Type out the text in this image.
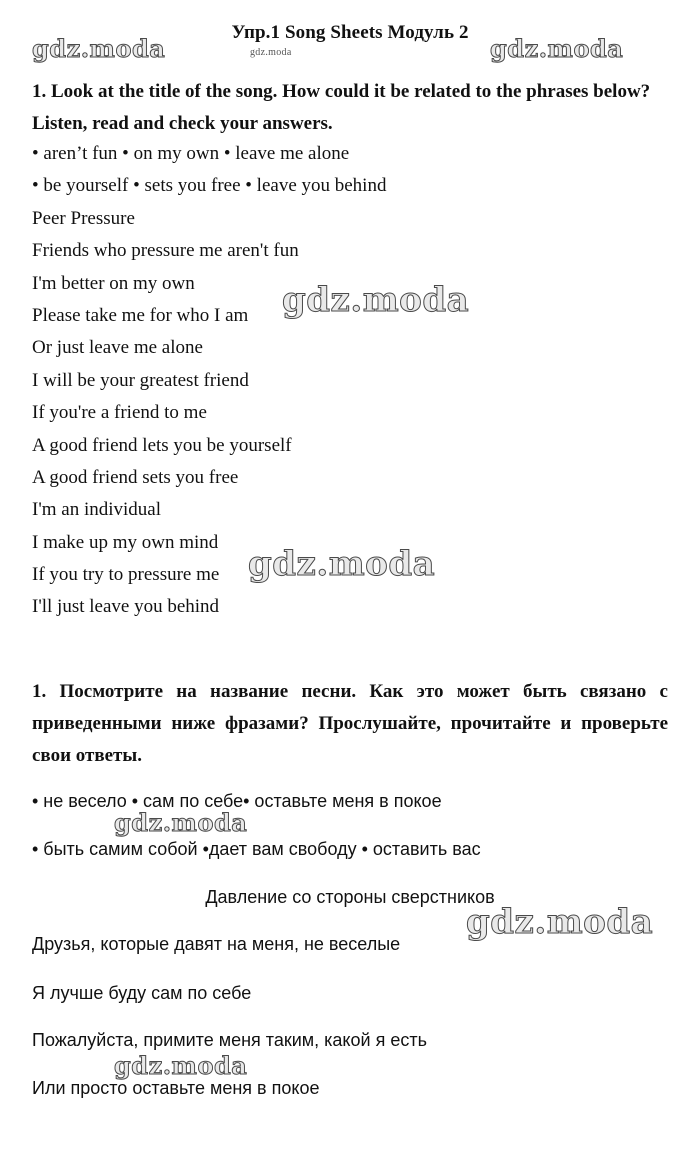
gdz.moda
Упр.1 Song Sheets Модуль 2
gdz.moda	gdz.moda
1. Look at the title of the song. How could it be related to the phrases below? Listen, read and check your answers.
• aren’t fun • on my own • leave me alone
• be yourself • sets you free • leave you behind
Peer Pressure
Friends who pressure me aren't fun
I'm better on my own
Please take me for who I am
Or just leave me alone
I will be your greatest friend
If you're a friend to me
A good friend lets you be yourself
A good friend sets you free
I'm an individual
I make up my own mind
If you try to pressure me
I'll just leave you behind
gdz.moda
gdz.moda
1. Посмотрите на название песни. Как это может быть связано с приведенными ниже фразами? Прослушайте, прочитайте и проверьте свои ответы.
• не весело • сам по себе• оставьте меня в покое
gdz.moda
• быть самим собой •дает вам свободу • оставить вас
Давление со стороны сверстников
gdz.moda
Друзья, которые давят на меня, не веселые
Я лучше буду сам по себе
Пожалуйста, примите меня таким, какой я есть
gdz.moda
Или просто оставьте меня в покое
